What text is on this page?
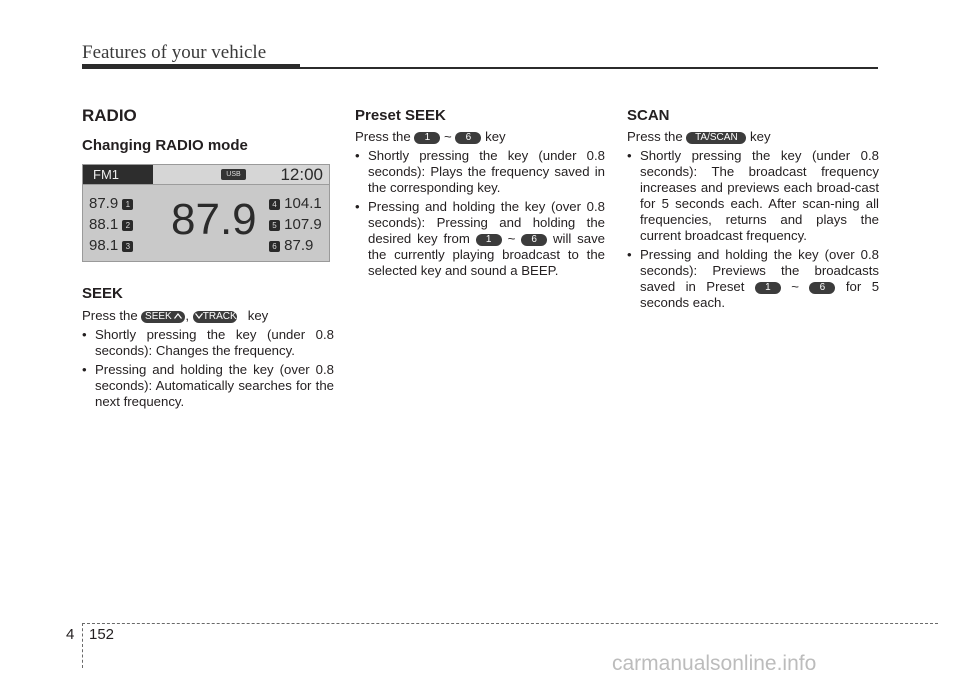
Features of your vehicle
RADIO
Changing RADIO mode
FM1	USB	12:00
87.9 1
88.1 2
98.1 3
87.9	4 104.1
5 107.9
6 87.9
SEEK

Press the SEEK , TRACK key

• Shortly pressing the key (under 0.8 seconds): Changes the frequency.
• Pressing and holding the key (over 0.8 seconds): Automatically searches for the next frequency.
Preset SEEK

Press the 1 ~ 6 key

• Shortly pressing the key (under 0.8 seconds): Plays the frequency saved in the corresponding key.
• Pressing and holding the key (over 0.8 seconds): Pressing and holding the desired key from 1 ~ 6 will save the currently playing broadcast to the selected key and sound a BEEP.
SCAN

Press the TA/SCAN key

• Shortly pressing the key (under 0.8 seconds): The broadcast frequency increases and previews each broad-cast for 5 seconds each. After scan-ning all frequencies, returns and plays the current broadcast frequency.
• Pressing and holding the key (over 0.8 seconds): Previews the broadcasts saved in Preset 1 ~ 6 for 5 seconds each.
4 152
carmanualsonline.info
